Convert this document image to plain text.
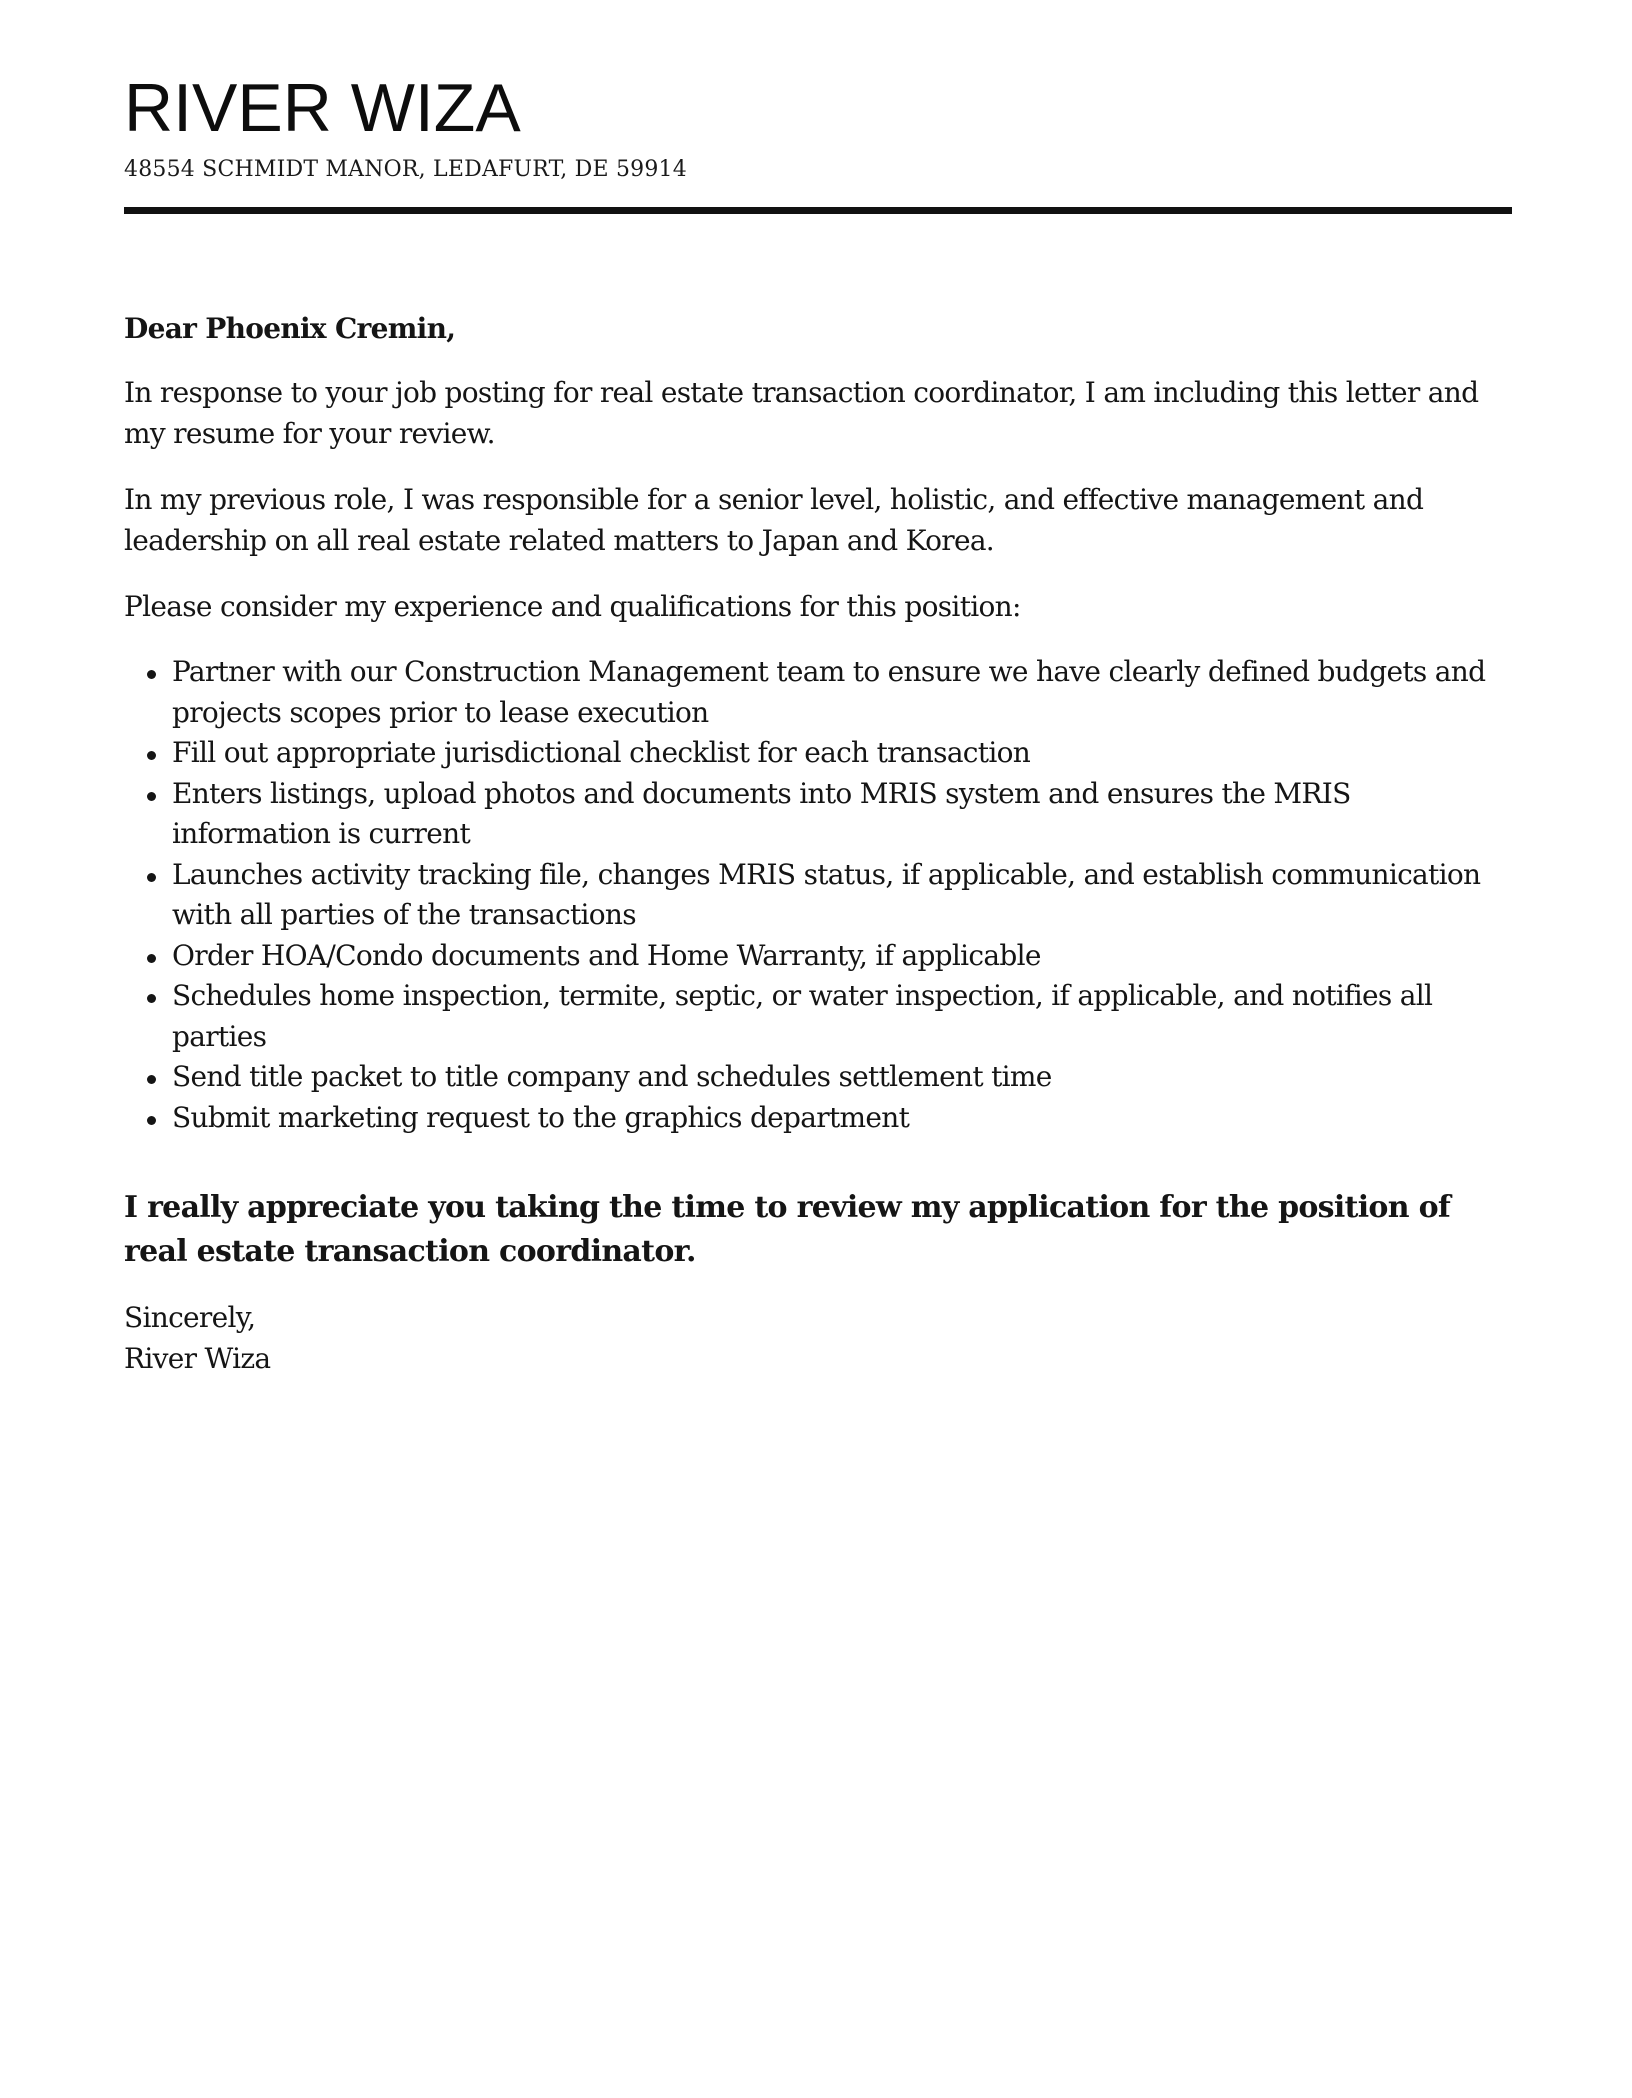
RIVER WIZA
48554 SCHMIDT MANOR, LEDAFURT, DE 59914

Dear Phoenix Cremin,

In response to your job posting for real estate transaction coordinator, I am including this letter and my resume for your review.

In my previous role, I was responsible for a senior level, holistic, and effective management and leadership on all real estate related matters to Japan and Korea.

Please consider my experience and qualifications for this position:

Partner with our Construction Management team to ensure we have clearly defined budgets and projects scopes prior to lease execution
Fill out appropriate jurisdictional checklist for each transaction
Enters listings, upload photos and documents into MRIS system and ensures the MRIS information is current
Launches activity tracking file, changes MRIS status, if applicable, and establish communication with all parties of the transactions
Order HOA/Condo documents and Home Warranty, if applicable
Schedules home inspection, termite, septic, or water inspection, if applicable, and notifies all parties
Send title packet to title company and schedules settlement time
Submit marketing request to the graphics department

I really appreciate you taking the time to review my application for the position of real estate transaction coordinator.

Sincerely,

River Wiza
